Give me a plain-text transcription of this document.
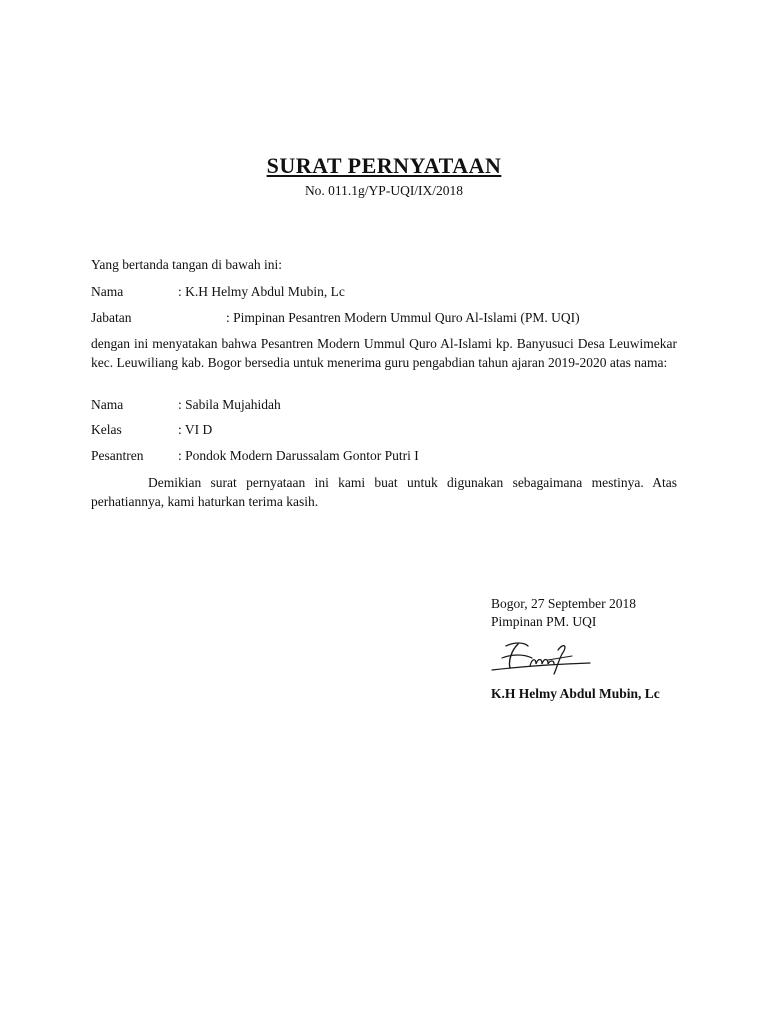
SURAT PERNYATAAN
No. 011.1g/YP-UQI/IX/2018
Yang bertanda tangan di bawah ini:
Nama	: K.H Helmy Abdul Mubin, Lc
Jabatan	: Pimpinan Pesantren Modern Ummul Quro Al-Islami (PM. UQI)
dengan ini menyatakan bahwa Pesantren Modern Ummul Quro Al-Islami kp. Banyusuci Desa Leuwimekar kec. Leuwiliang kab. Bogor bersedia untuk menerima guru pengabdian tahun ajaran 2019-2020 atas nama:
Nama	: Sabila Mujahidah
Kelas	: VI D
Pesantren	: Pondok Modern Darussalam Gontor Putri I
Demikian surat pernyataan ini kami buat untuk digunakan sebagaimana mestinya. Atas perhatiannya, kami haturkan terima kasih.
Bogor, 27 September 2018
Pimpinan PM. UQI
K.H Helmy Abdul Mubin, Lc
